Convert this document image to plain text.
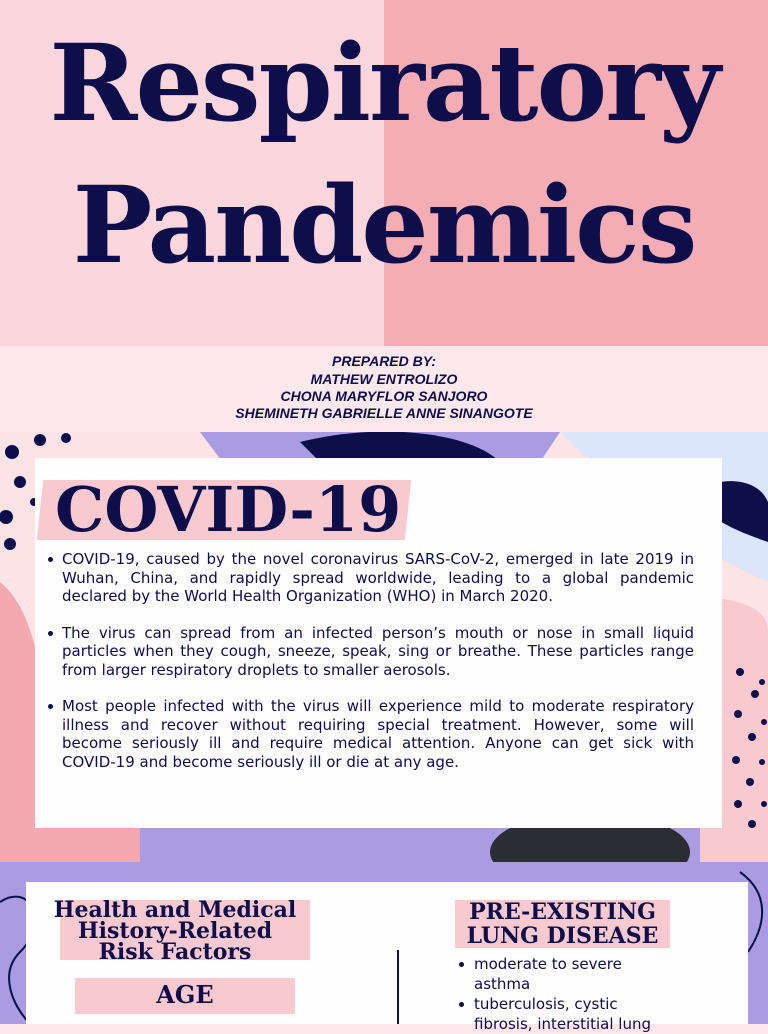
Respiratory
Pandemics
PREPARED BY:
MATHEW ENTROLIZO
CHONA MARYFLOR SANJORO
SHEMINETH GABRIELLE ANNE SINANGOTE
COVID-19
COVID-19, caused by the novel coronavirus SARS-CoV-2, emerged in late 2019 in Wuhan, China, and rapidly spread worldwide, leading to a global pandemic declared by the World Health Organization (WHO) in March 2020.
The virus can spread from an infected person’s mouth or nose in small liquid particles when they cough, sneeze, speak, sing or breathe. These particles range from larger respiratory droplets to smaller aerosols.
Most people infected with the virus will experience mild to moderate respiratory illness and recover without requiring special treatment. However, some will become seriously ill and require medical attention. Anyone can get sick with COVID-19 and become seriously ill or die at any age.
Health and Medical
History-Related
Risk Factors
AGE
PRE-EXISTING
LUNG DISEASE
moderate to severe asthma
tuberculosis, cystic fibrosis, interstitial lung
